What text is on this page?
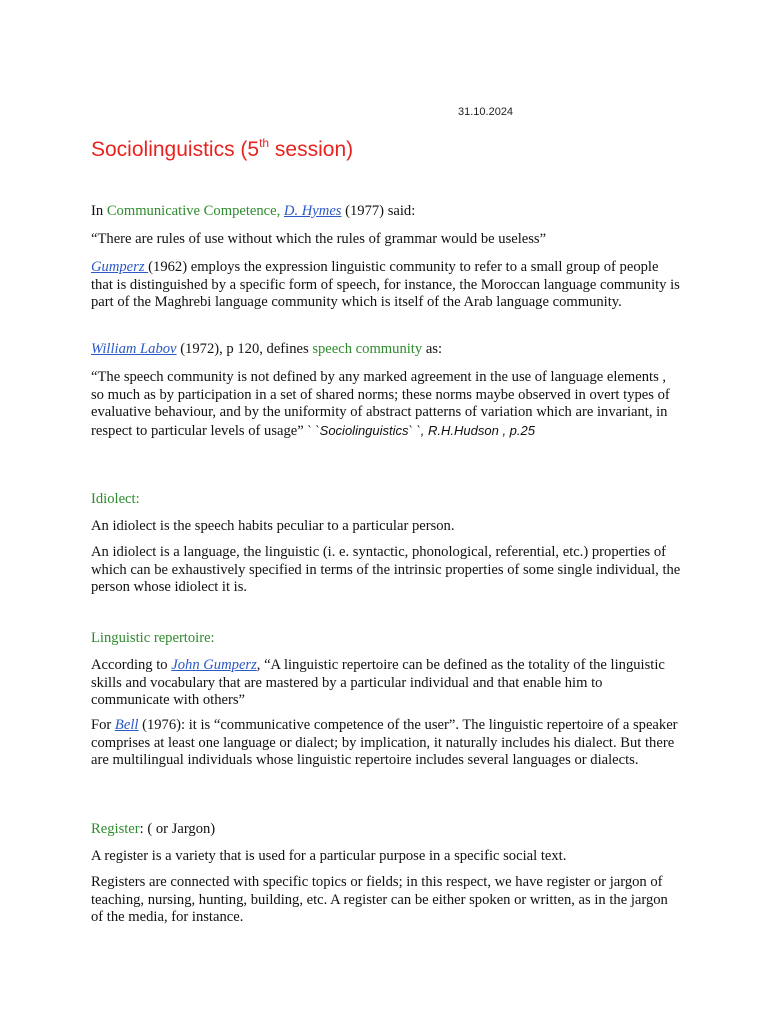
31.10.2024
Sociolinguistics (5th session)
In Communicative Competence, D. Hymes (1977) said:
“There are rules of use without which the rules of grammar would be useless”
Gumperz (1962) employs the expression linguistic community to refer to a small group of people that is distinguished by a specific form of speech, for instance, the Moroccan language community is part of the Maghrebi language community which is itself of the Arab language community.
William Labov (1972), p 120, defines speech community as:
“The speech community is not defined by any marked agreement in the use of language elements , so much as by participation in a set of shared norms; these norms maybe observed in overt types of evaluative behaviour, and by the uniformity of abstract patterns of variation which are invariant, in respect to particular levels of usage” ` `Sociolinguistics` `, R.H.Hudson , p.25
Idiolect:
An idiolect is the speech habits peculiar to a particular person.
An idiolect is a language, the linguistic (i. e. syntactic, phonological, referential, etc.) properties of which can be exhaustively specified in terms of the intrinsic properties of some single individual, the person whose idiolect it is.
Linguistic repertoire:
According to John Gumperz, “A linguistic repertoire can be defined as the totality of the linguistic skills and vocabulary that are mastered by a particular individual and that enable him to communicate with others”
For Bell (1976): it is “communicative competence of the user”. The linguistic repertoire of a speaker comprises at least one language or dialect; by implication, it naturally includes his dialect. But there are multilingual individuals whose linguistic repertoire includes several languages or dialects.
Register: ( or Jargon)
A register is a variety that is used for a particular purpose in a specific social text.
Registers are connected with specific topics or fields; in this respect, we have register or jargon of teaching, nursing, hunting, building, etc. A register can be either spoken or written, as in the jargon of the media, for instance.
